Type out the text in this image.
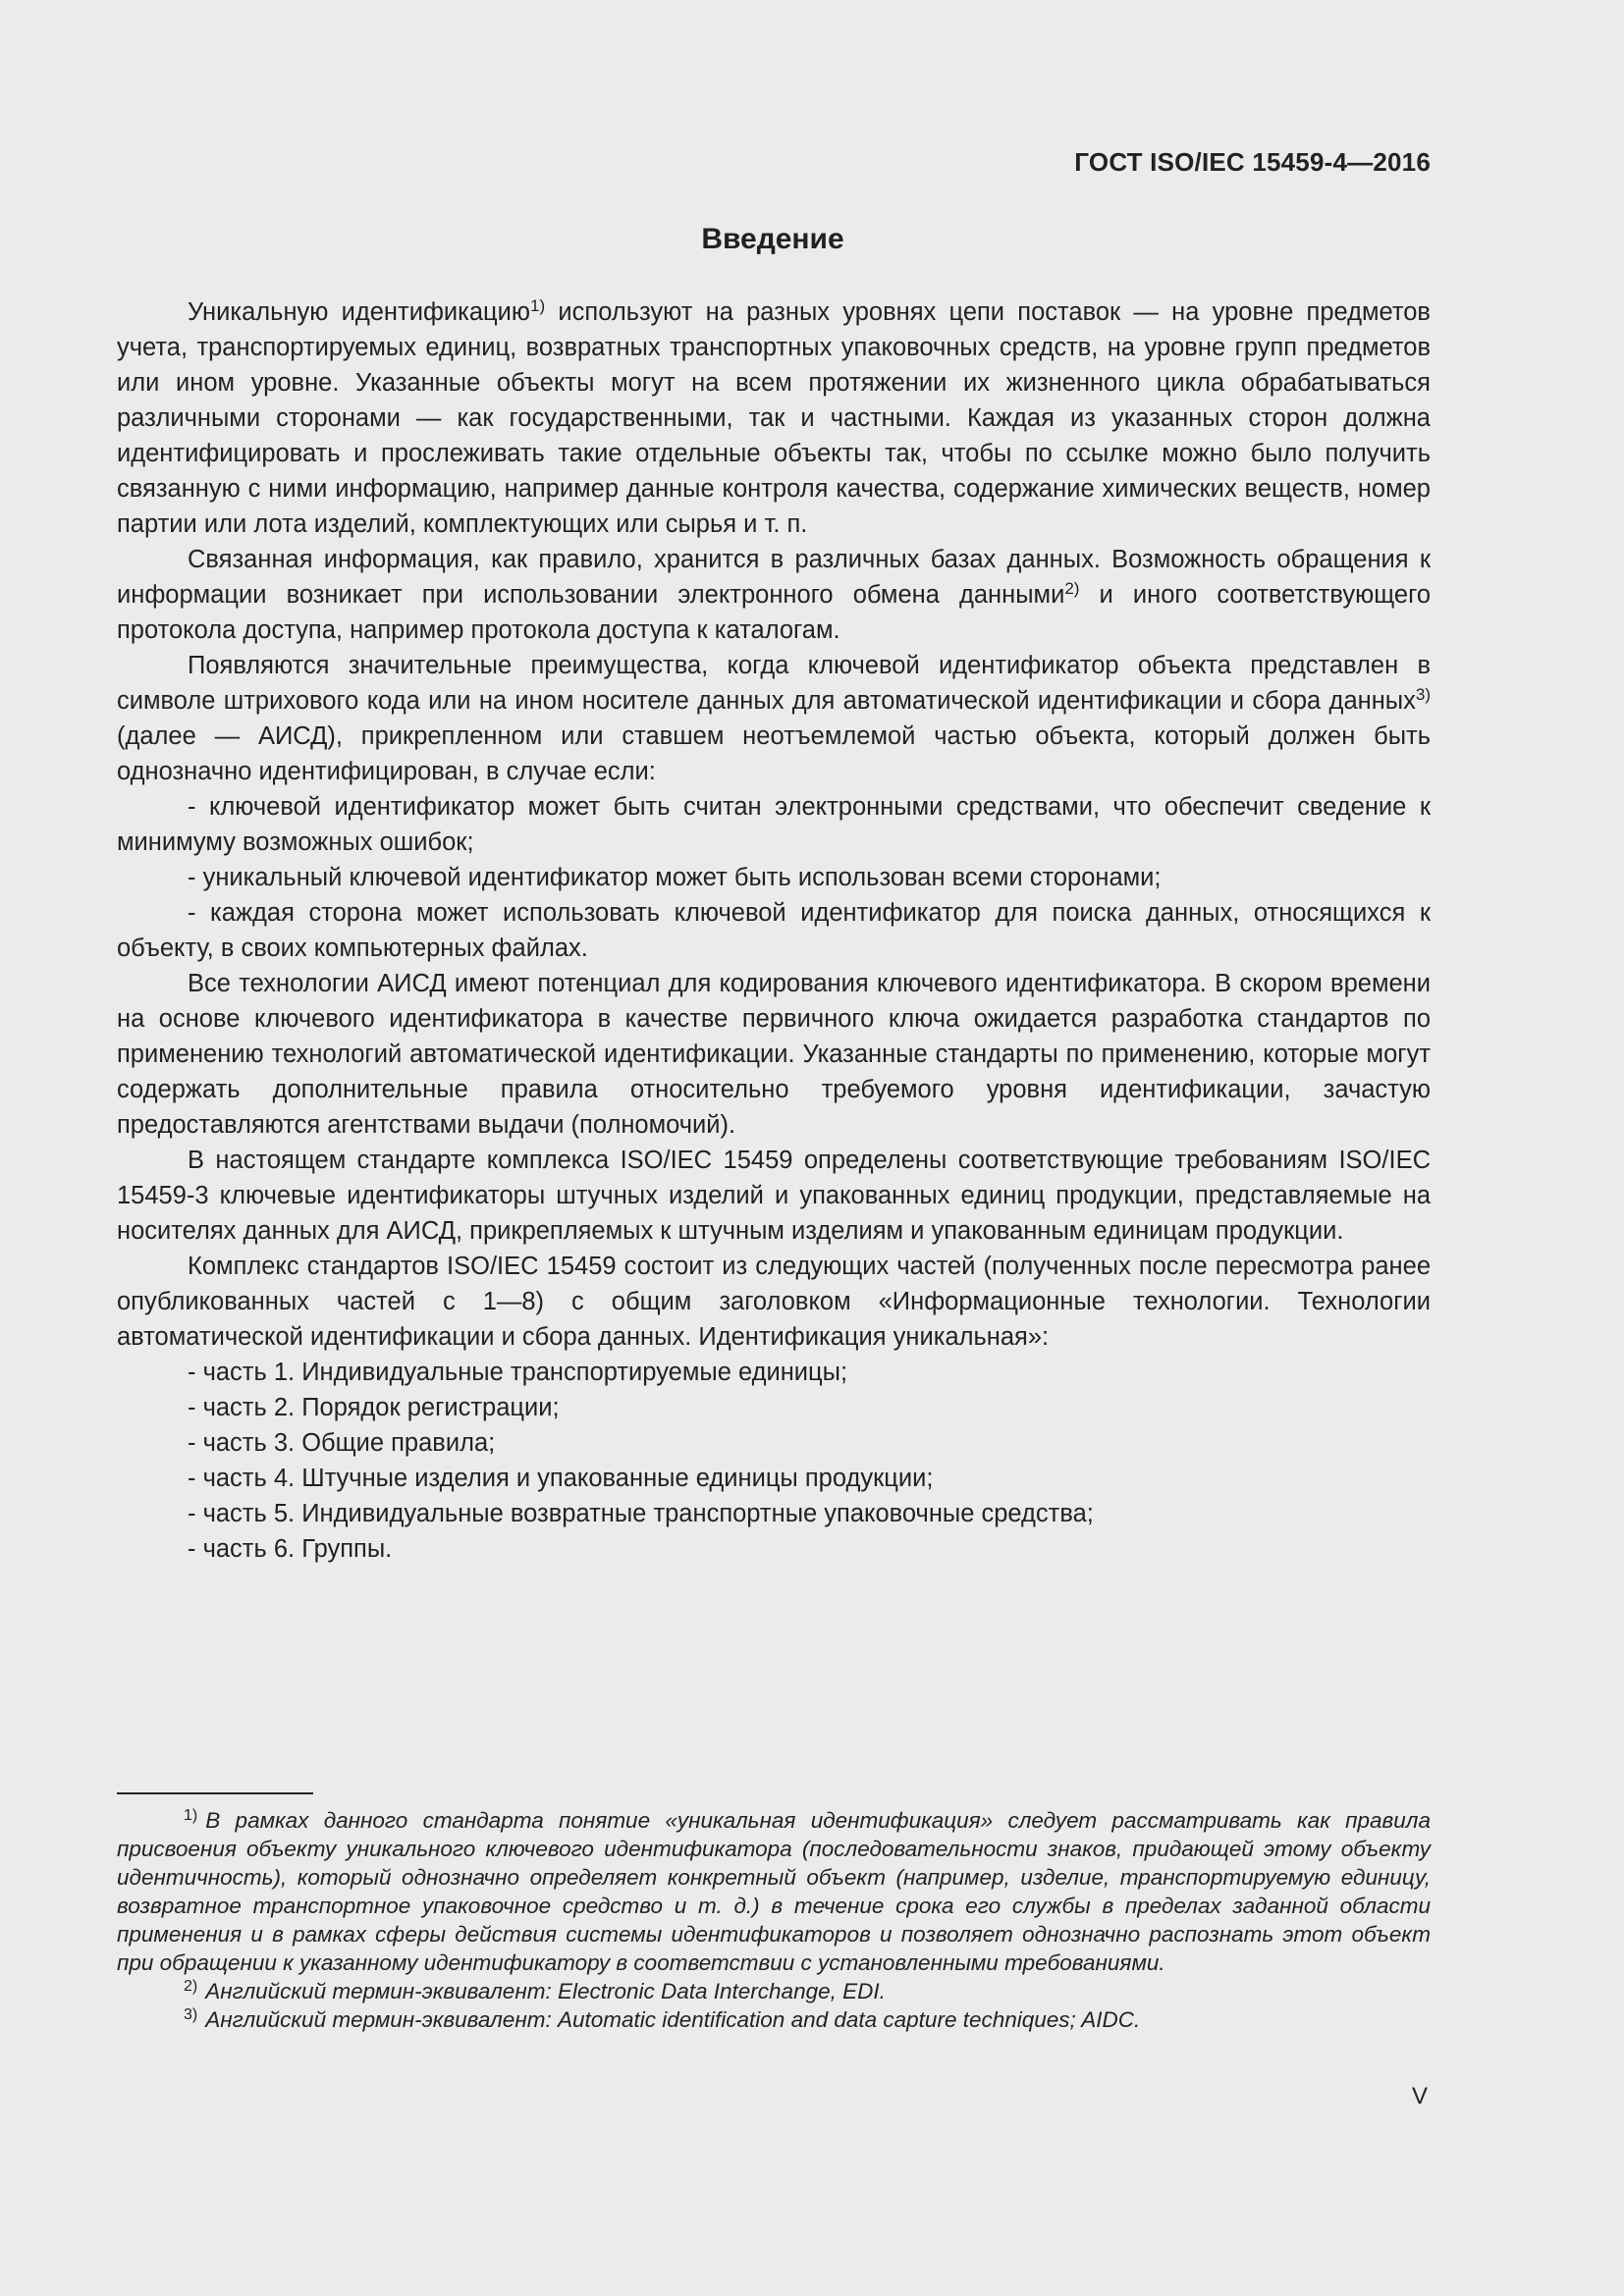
ГОСТ ISO/IEC 15459-4—2016
Введение

Уникальную идентификацию$^{1)}$ используют на разных уровнях цепи поставок — на уровне предметов учета, транспортируемых единиц, возвратных транспортных упаковочных средств, на уровне групп предметов или ином уровне. Указанные объекты могут на всем протяжении их жизненного цикла обрабатываться различными сторонами — как государственными, так и частными. Каждая из указанных сторон должна идентифицировать и прослеживать такие отдельные объекты так, чтобы по ссылке можно было получить связанную с ними информацию, например данные контроля качества, содержание химических веществ, номер партии или лота изделий, комплектующих или сырья и т. п.

Связанная информация, как правило, хранится в различных базах данных. Возможность обращения к информации возникает при использовании электронного обмена данными$^{2)}$ и иного соответствующего протокола доступа, например протокола доступа к каталогам.

Появляются значительные преимущества, когда ключевой идентификатор объекта представлен в символе штрихового кода или на ином носителе данных для автоматической идентификации и сбора данных$^{3)}$ (далее — АИСД), прикрепленном или ставшем неотъемлемой частью объекта, который должен быть однозначно идентифицирован, в случае если:

- ключевой идентификатор может быть считан электронными средствами, что обеспечит сведение к минимуму возможных ошибок;

- уникальный ключевой идентификатор может быть использован всеми сторонами;

- каждая сторона может использовать ключевой идентификатор для поиска данных, относящихся к объекту, в своих компьютерных файлах.

Все технологии АИСД имеют потенциал для кодирования ключевого идентификатора. В скором времени на основе ключевого идентификатора в качестве первичного ключа ожидается разработка стандартов по применению технологий автоматической идентификации. Указанные стандарты по применению, которые могут содержать дополнительные правила относительно требуемого уровня идентификации, зачастую предоставляются агентствами выдачи (полномочий).

В настоящем стандарте комплекса ISO/IEC 15459 определены соответствующие требованиям ISO/IEC 15459-3 ключевые идентификаторы штучных изделий и упакованных единиц продукции, представляемые на носителях данных для АИСД, прикрепляемых к штучным изделиям и упакованным единицам продукции.

Комплекс стандартов ISO/IEC 15459 состоит из следующих частей (полученных после пересмотра ранее опубликованных частей с 1—8) с общим заголовком «Информационные технологии. Технологии автоматической идентификации и сбора данных. Идентификация уникальная»:

- часть 1. Индивидуальные транспортируемые единицы;

- часть 2. Порядок регистрации;

- часть 3. Общие правила;

- часть 4. Штучные изделия и упакованные единицы продукции;

- часть 5. Индивидуальные возвратные транспортные упаковочные средства;

- часть 6. Группы.

$^{1)}$ В рамках данного стандарта понятие «уникальная идентификация» следует рассматривать как правила присвоения объекту уникального ключевого идентификатора (последовательности знаков, придающей этому объекту идентичность), который однозначно определяет конкретный объект (например, изделие, транспортируемую единицу, возвратное транспортное упаковочное средство и т. д.) в течение срока его службы в пределах заданной области применения и в рамках сферы действия системы идентификаторов и позволяет однозначно распознать этот объект при обращении к указанному идентификатору в соответствии с установленными требованиями.

$^{2)}$ Английский термин-эквивалент: Electronic Data Interchange, EDI.

$^{3)}$ Английский термин-эквивалент: Automatic identification and data capture techniques; AIDC.

V
